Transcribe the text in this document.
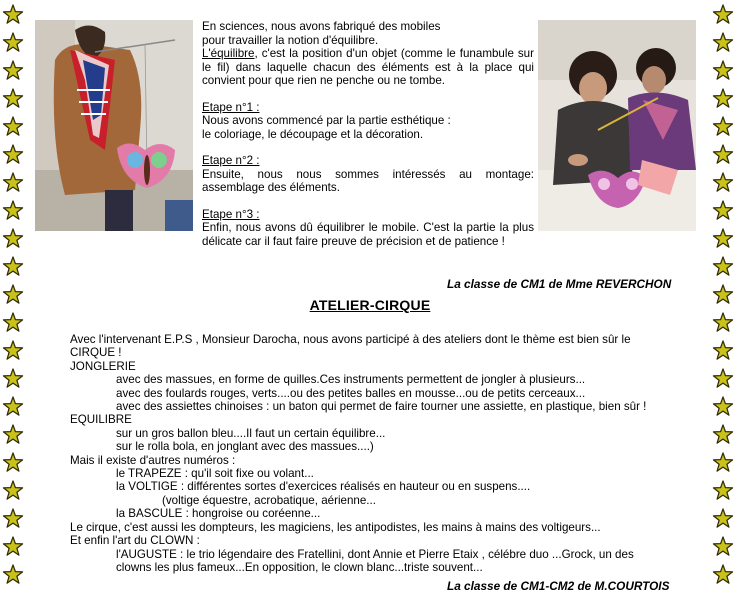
En sciences, nous avons fabriqué des mobiles

pour travailler la notion d'équilibre.

L'équilibre, c'est la position d'un objet (comme le funambule sur le fil) dans laquelle chacun des éléments est à la place qui convient pour que rien ne penche ou ne tombe.

Etape n°1 :

Nous avons commencé par la partie esthétique :

le coloriage, le découpage et la décoration.

Etape n°2 :

Ensuite, nous nous sommes intéressés au montage: assemblage des éléments.

Etape n°3 :

Enfin, nous avons dû équilibrer le mobile. C'est la partie la plus délicate car il faut faire preuve de précision et de patience !

La classe de CM1 de Mme REVERCHON
ATELIER-CIRQUE
Avec l'intervenant E.P.S , Monsieur Darocha, nous avons participé à des ateliers dont le thème est bien sûr le
CIRQUE !
JONGLERIE
avec des massues, en forme de quilles.Ces instruments permettent de jongler à plusieurs...
avec des foulards rouges, verts....ou des petites balles en mousse...ou de petits cerceaux...
avec des assiettes chinoises : un baton qui permet de faire tourner une assiette, en plastique, bien sûr !
EQUILIBRE
sur un gros ballon bleu....Il faut un certain équilibre...
sur le rolla bola, en jonglant avec des massues....)
Mais il existe d'autres numéros :
le TRAPEZE : qu'il soit fixe ou volant...
la VOLTIGE : différentes sortes d'exercices réalisés en hauteur ou en suspens....
(voltige équestre, acrobatique, aérienne...
la BASCULE : hongroise ou coréenne...
Le cirque, c'est aussi les dompteurs, les magiciens, les antipodistes, les mains à mains des voltigeurs...
Et enfin l'art du CLOWN :
l'AUGUSTE : le trio légendaire des Fratellini, dont Annie et Pierre Etaix , célébre duo ...Grock, un des
clowns les plus fameux...En opposition, le clown blanc...triste souvent...
La classe de CM1-CM2 de M.COURTOIS
